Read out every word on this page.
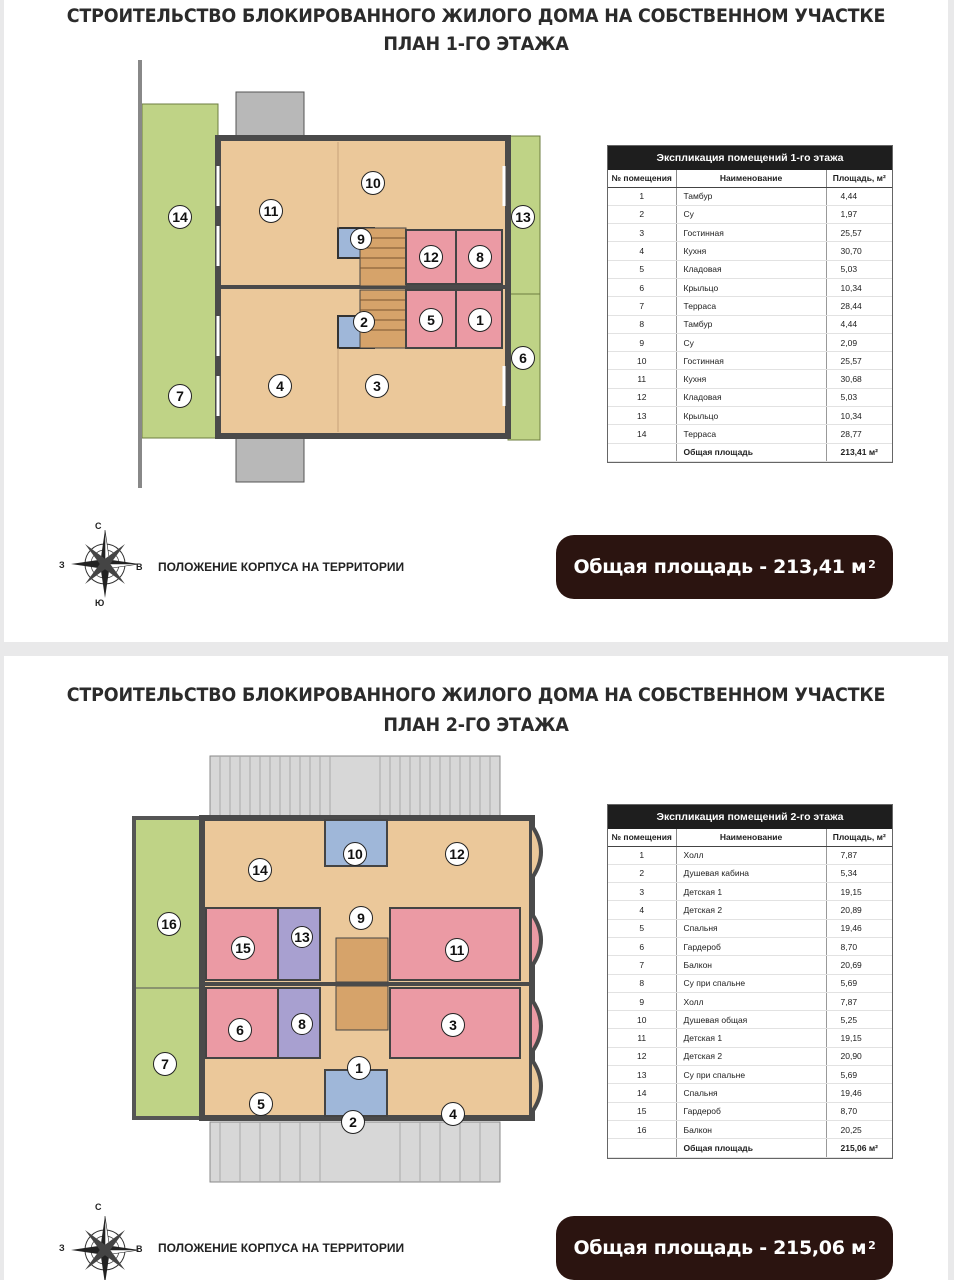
СТРОИТЕЛЬСТВО БЛОКИРОВАННОГО ЖИЛОГО ДОМА НА СОБСТВЕННОМ УЧАСТКЕ
ПЛАН 1-ГО ЭТАЖА
10
11
14	13
9
12	8
2	5	1
6
4	3
7
Экспликация помещений 1-го этажа
№ помещения	Наименование	Площадь, м²
1	Тамбур	4,44
2	Су	1,97
3	Гостинная	25,57
4	Кухня	30,70
5	Кладовая	5,03
6	Крыльцо	10,34
7	Терраса	28,44
8	Тамбур	4,44
9	Су	2,09
10	Гостинная	25,57
11	Кухня	30,68
12	Кладовая	5,03
13	Крыльцо	10,34
14	Терраса	28,77
	Общая площадь	213,41 м²
С
Ю
З	В ПОЛОЖЕНИЕ КОРПУСА НА ТЕРРИТОРИИ	Общая площадь - 213,41 $м^2$
СТРОИТЕЛЬСТВО БЛОКИРОВАННОГО ЖИЛОГО ДОМА НА СОБСТВЕННОМ УЧАСТКЕ
ПЛАН 2-ГО ЭТАЖА
10	12
14
16	9
13
15	11
8
6	3
7	1
5
4
2
Экспликация помещений 2-го этажа
№ помещения	Наименование	Площадь, м²
1	Холл	7,87
2	Душевая кабина	5,34
3	Детская 1	19,15
4	Детская 2	20,89
5	Спальня	19,46
6	Гардероб	8,70
7	Балкон	20,69
8	Су при спальне	5,69
9	Холл	7,87
10	Душевая общая	5,25
11	Детская 1	19,15
12	Детская 2	20,90
13	Су при спальне	5,69
14	Спальня	19,46
15	Гардероб	8,70
16	Балкон	20,25
	Общая площадь	215,06 м²
С
З	В ПОЛОЖЕНИЕ КОРПУСА НА ТЕРРИТОРИИ	Общая площадь - 215,06 $м^2$
